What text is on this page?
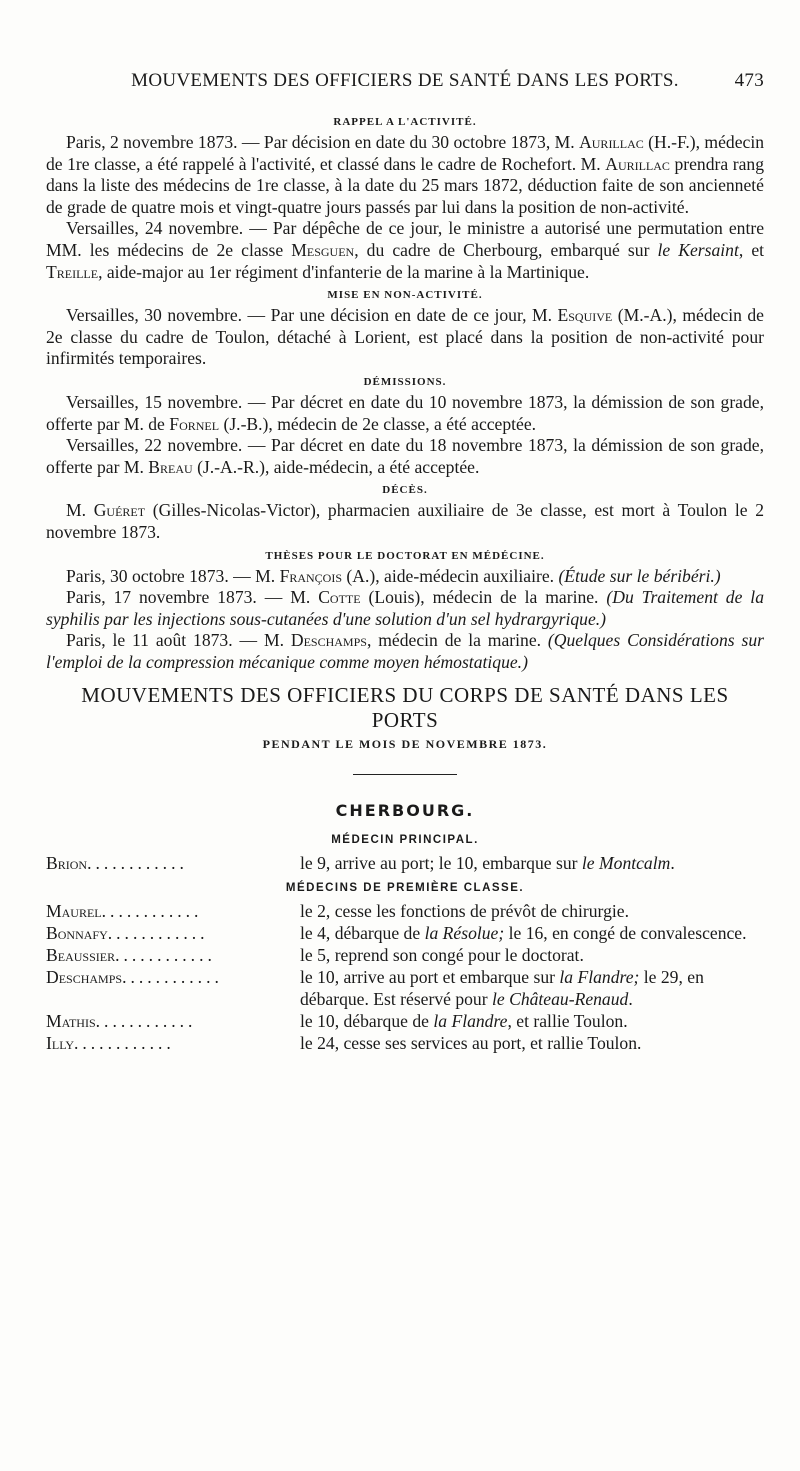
MOUVEMENTS DES OFFICIERS DE SANTÉ DANS LES PORTS.	473
RAPPEL A L'ACTIVITÉ.

Paris, 2 novembre 1873. — Par décision en date du 30 octobre 1873, M. Aurillac (H.-F.), médecin de 1re classe, a été rappelé à l'activité, et classé dans le cadre de Rochefort. M. Aurillac prendra rang dans la liste des médecins de 1re classe, à la date du 25 mars 1872, déduction faite de son ancienneté de grade de quatre mois et vingt-quatre jours passés par lui dans la position de non-activité.

Versailles, 24 novembre. — Par dépêche de ce jour, le ministre a autorisé une permutation entre MM. les médecins de 2e classe Mesguen, du cadre de Cherbourg, embarqué sur le Kersaint, et Treille, aide-major au 1er régiment d'infanterie de la marine à la Martinique.

MISE EN NON-ACTIVITÉ.

Versailles, 30 novembre. — Par une décision en date de ce jour, M. Esquive (M.-A.), médecin de 2e classe du cadre de Toulon, détaché à Lorient, est placé dans la position de non-activité pour infirmités temporaires.

DÉMISSIONS.

Versailles, 15 novembre. — Par décret en date du 10 novembre 1873, la démission de son grade, offerte par M. de Fornel (J.-B.), médecin de 2e classe, a été acceptée.

Versailles, 22 novembre. — Par décret en date du 18 novembre 1873, la démission de son grade, offerte par M. Breau (J.-A.-R.), aide-médecin, a été acceptée.

DÉCÈS.

M. Guéret (Gilles-Nicolas-Victor), pharmacien auxiliaire de 3e classe, est mort à Toulon le 2 novembre 1873.

THÈSES POUR LE DOCTORAT EN MÉDÉCINE.

Paris, 30 octobre 1873. — M. François (A.), aide-médecin auxiliaire. (Étude sur le béribéri.)

Paris, 17 novembre 1873. — M. Cotte (Louis), médecin de la marine. (Du Traitement de la syphilis par les injections sous-cutanées d'une solution d'un sel hydrargyrique.)

Paris, le 11 août 1873. — M. Deschamps, médecin de la marine. (Quelques Considérations sur l'emploi de la compression mécanique comme moyen hémostatique.)

MOUVEMENTS DES OFFICIERS DU CORPS DE SANTÉ DANS LES PORTS
PENDANT LE MOIS DE NOVEMBRE 1873.
CHERBOURG.
MÉDECIN PRINCIPAL.
Brion............	le 9, arrive au port; le 10, embarque sur le Montcalm.
MÉDECINS DE PREMIÈRE CLASSE.
Maurel............	le 2, cesse les fonctions de prévôt de chirurgie.
Bonnafy............	le 4, débarque de la Résolue; le 16, en congé de convalescence.
Beaussier............	le 5, reprend son congé pour le doctorat.
Deschamps............	le 10, arrive au port et embarque sur la Flandre; le 29, en débarque. Est réservé pour le Château-Renaud.
Mathis............	le 10, débarque de la Flandre, et rallie Toulon.
Illy............	le 24, cesse ses services au port, et rallie Toulon.
